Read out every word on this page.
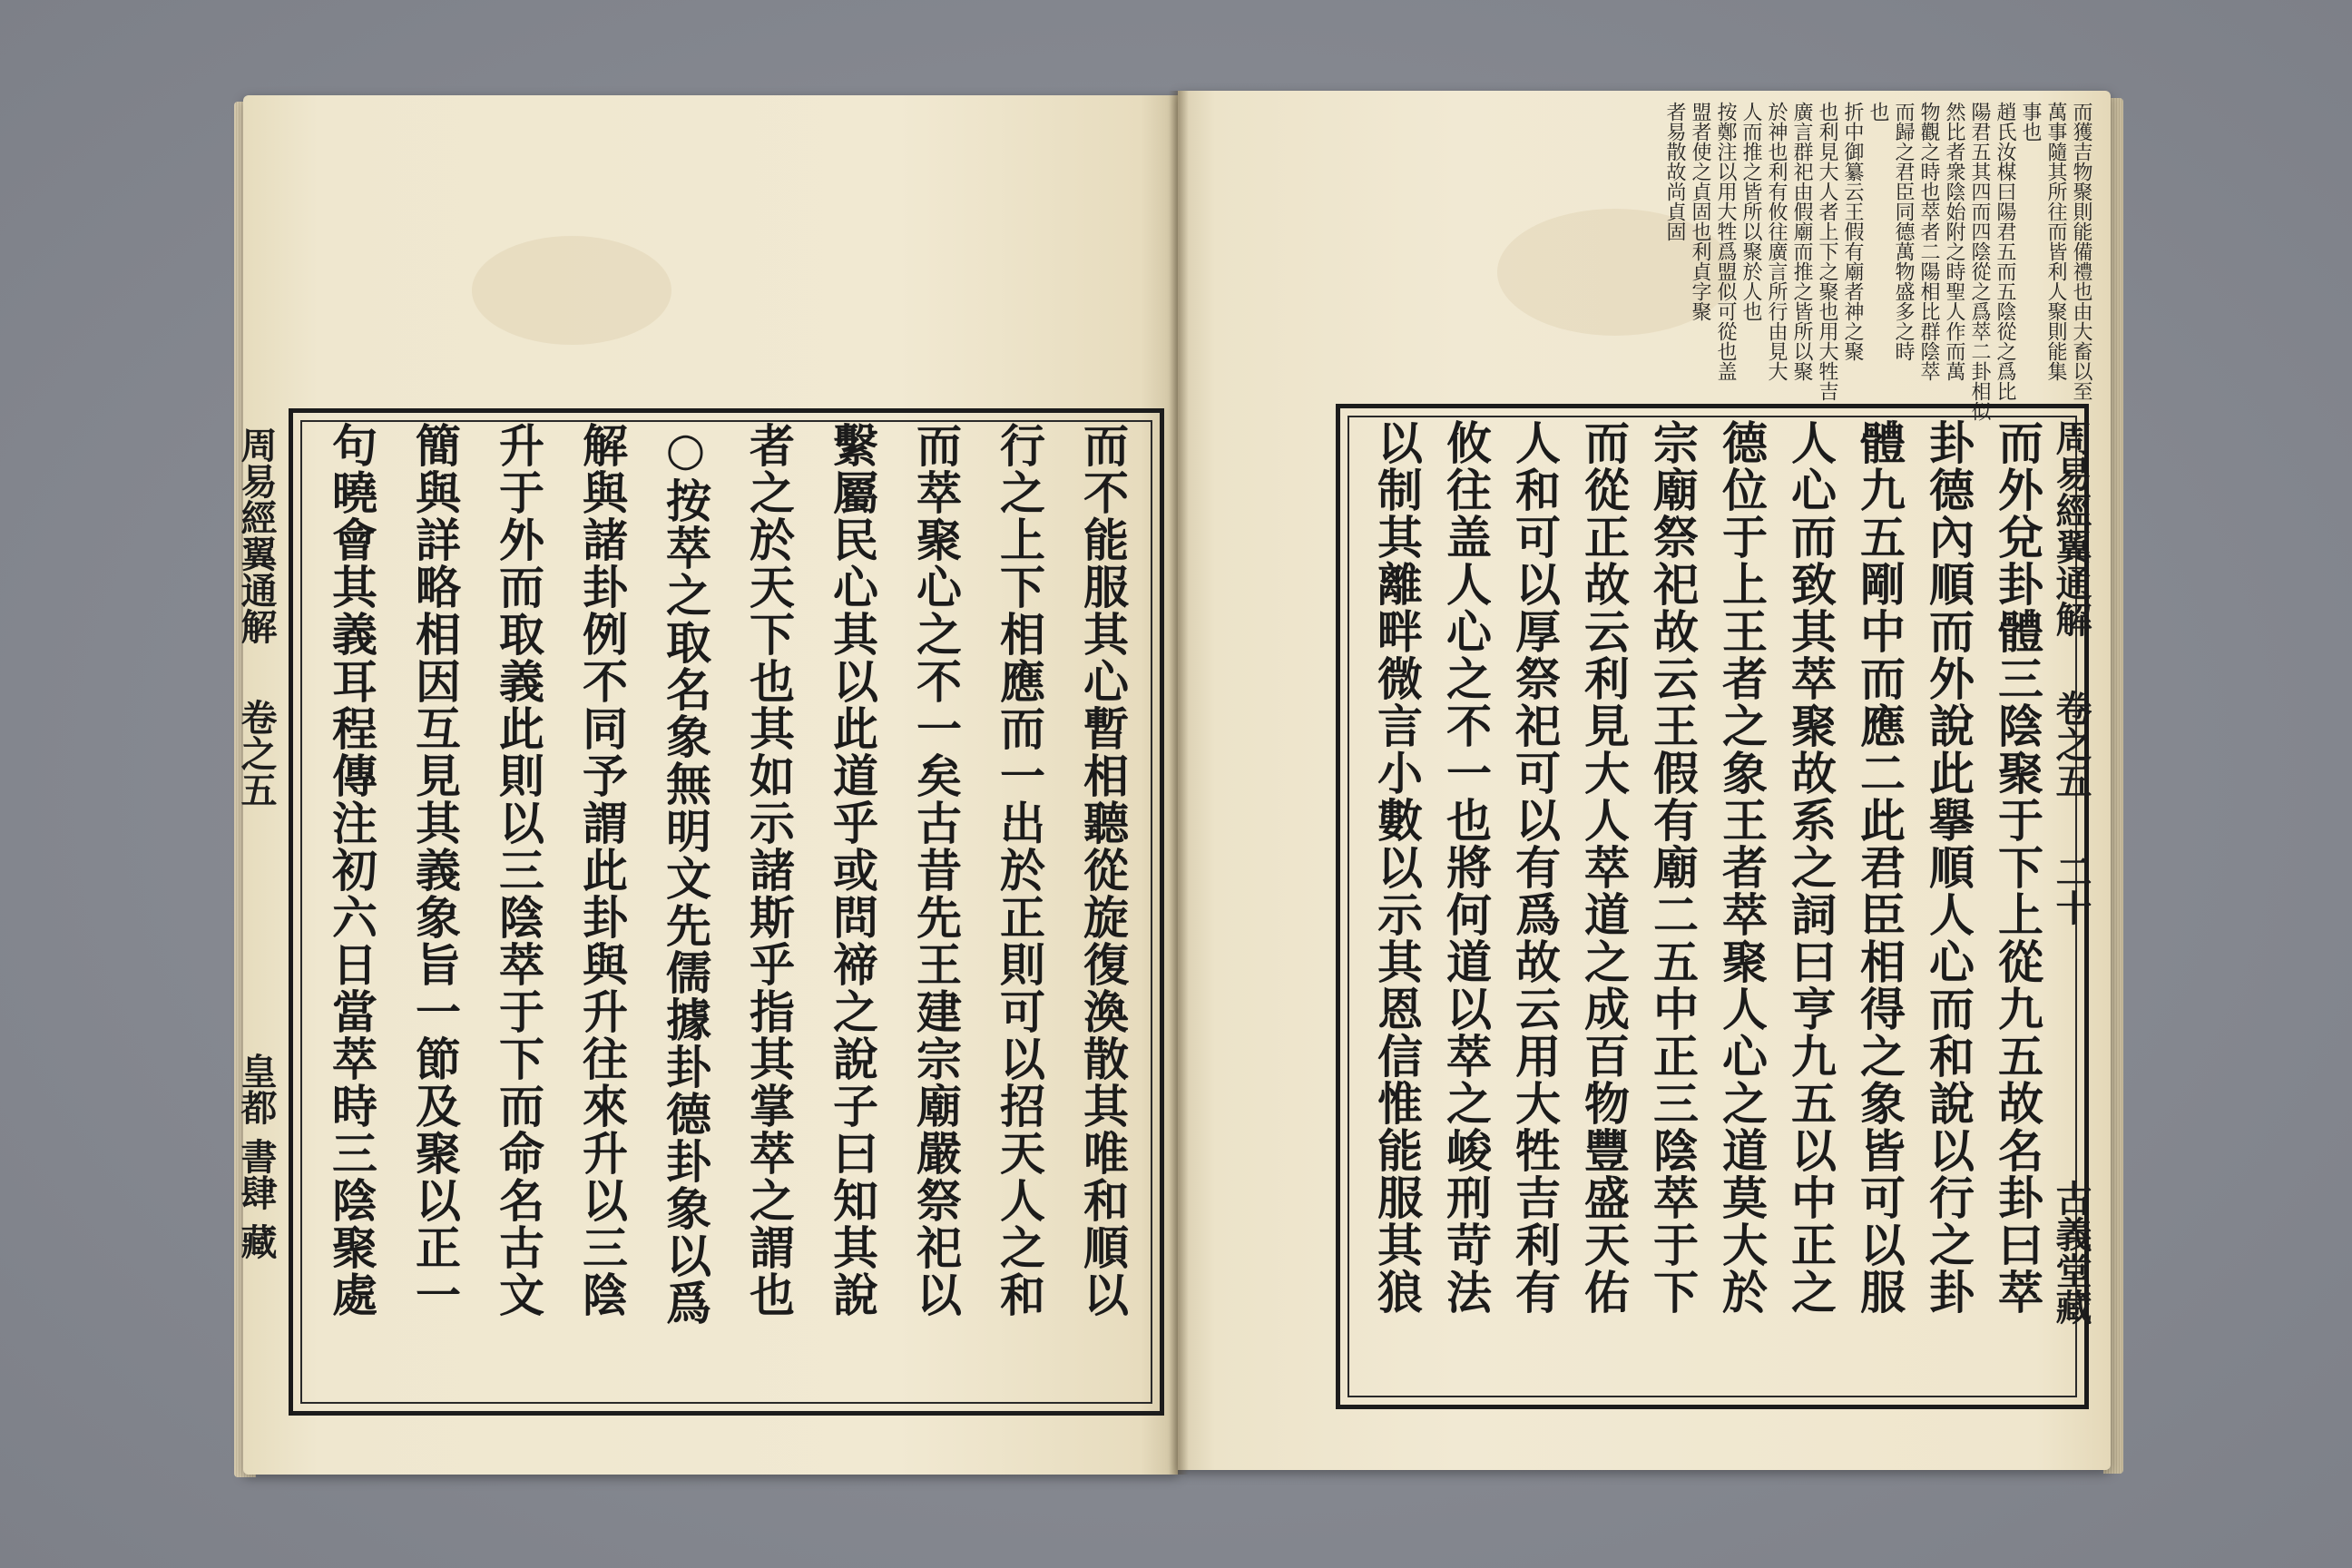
周易經翼通解
卷之五
皇都 書肆 藏	而不能服其心暫相聽從旋復渙散其唯和順以
行之上下相應而一出於正則可以招天人之和
而萃聚心之不一矣古昔先王建宗廟嚴祭祀以
繫屬民心其以此道乎或問禘之說子曰知其說
者之於天下也其如示諸斯乎指其掌萃之謂也
○按萃之取名象無明文先儒據卦德卦象以爲
解與諸卦例不同予謂此卦與升往來升以三陰
升于外而取義此則以三陰萃于下而命名古文
簡與詳略相因互見其義象旨一節及聚以正一
句曉會其義耳程傳注初六日當萃時三陰聚處
而獲吉物聚則能備禮也由大畜以至
萬事隨其所往而皆利人聚則能集
事也
趙氏汝楳曰陽君五而五陰從之爲比
陽君五其四而四陰從之爲萃二卦相似
然比者衆陰始附之時聖人作而萬
物觀之時也萃者二陽相比群陰萃
而歸之君臣同德萬物盛多之時
也
折中御纂云王假有廟者神之聚
也利見大人者上下之聚也用大牲吉
廣言群祀由假廟而推之皆所以聚
於神也利有攸往廣言所行由見大
人而推之皆所以聚於人也
按鄭注以用大牲爲盟似可從也盖
盟者使之貞固也利貞字聚
者易散故尚貞固
周易經翼通解
卷之五
二十
古義堂藏
而外兌卦體三陰聚于下上從九五故名卦曰萃
卦德內順而外說此擧順人心而和說以行之卦
體九五剛中而應二此君臣相得之象皆可以服
人心而致其萃聚故系之詞曰亨九五以中正之
德位于上王者之象王者萃聚人心之道莫大於
宗廟祭祀故云王假有廟二五中正三陰萃于下
而從正故云利見大人萃道之成百物豐盛天佑
人和可以厚祭祀可以有爲故云用大牲吉利有
攸往盖人心之不一也將何道以萃之峻刑苛法
以制其離畔微言小數以示其恩信惟能服其狼
